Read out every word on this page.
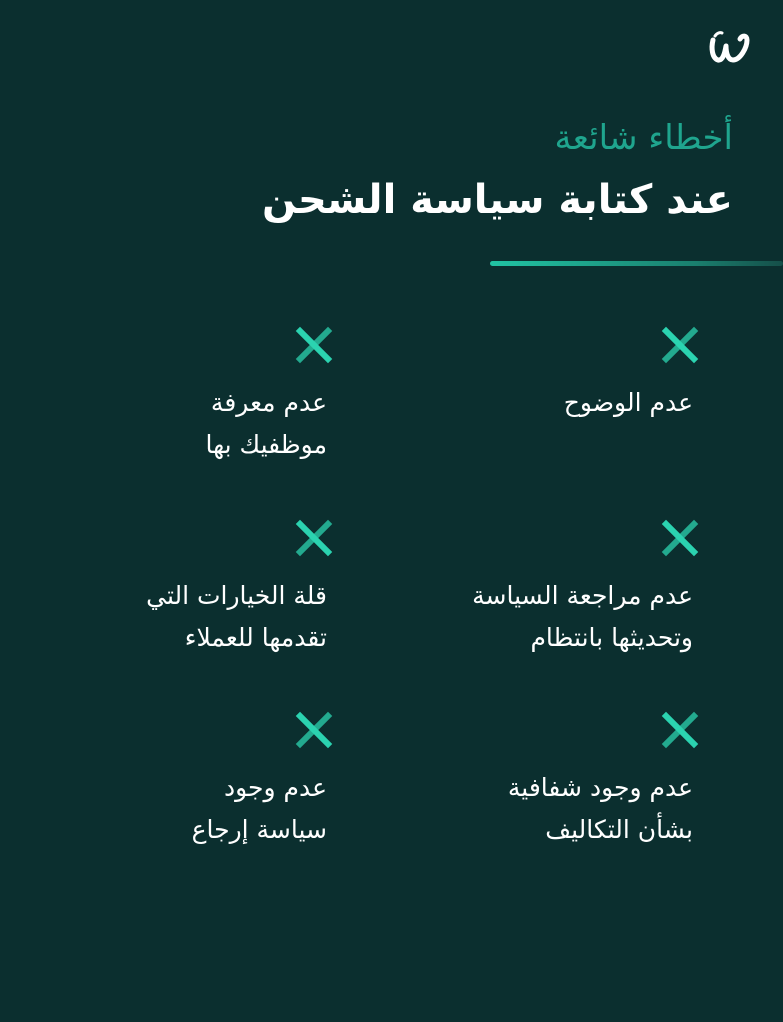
أخطاء شائعة
عند كتابة سياسة الشحن
عدم الوضوح
عدم مراجعة السياسة
وتحديثها بانتظام
عدم وجود شفافية
بشأن التكاليف
عدم معرفة
موظفيك بها
قلة الخيارات التي
تقدمها للعملاء
عدم وجود
سياسة إرجاع
